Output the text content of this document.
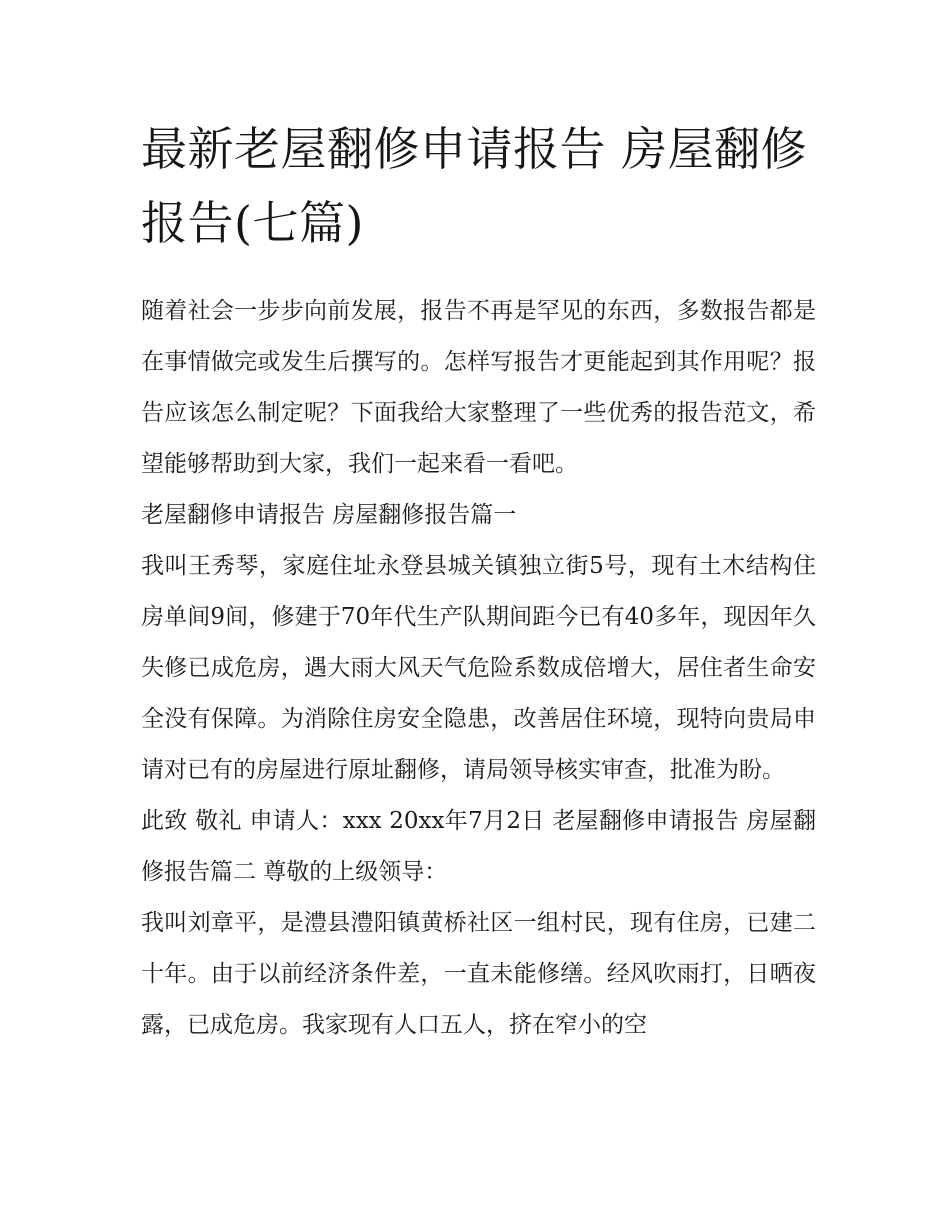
最新老屋翻修申请报告 房屋翻修报告(七篇)

随着社会一步步向前发展，报告不再是罕见的东西，多数报告都是在事情做完或发生后撰写的。怎样写报告才更能起到其作用呢？报告应该怎么制定呢？下面我给大家整理了一些优秀的报告范文，希望能够帮助到大家，我们一起来看一看吧。

老屋翻修申请报告 房屋翻修报告篇一

我叫王秀琴，家庭住址永登县城关镇独立街5号，现有土木结构住房单间9间，修建于70年代生产队期间距今已有40多年，现因年久失修已成危房，遇大雨大风天气危险系数成倍增大，居住者生命安全没有保障。为消除住房安全隐患，改善居住环境，现特向贵局申请对已有的房屋进行原址翻修，请局领导核实审查，批准为盼。

此致 敬礼 申请人：xxx 20xx年7月2日 老屋翻修申请报告 房屋翻修报告篇二 尊敬的上级领导：

我叫刘章平，是澧县澧阳镇黄桥社区一组村民，现有住房，已建二十年。由于以前经济条件差，一直未能修缮。经风吹雨打，日晒夜露，已成危房。我家现有人口五人，挤在窄小的空
